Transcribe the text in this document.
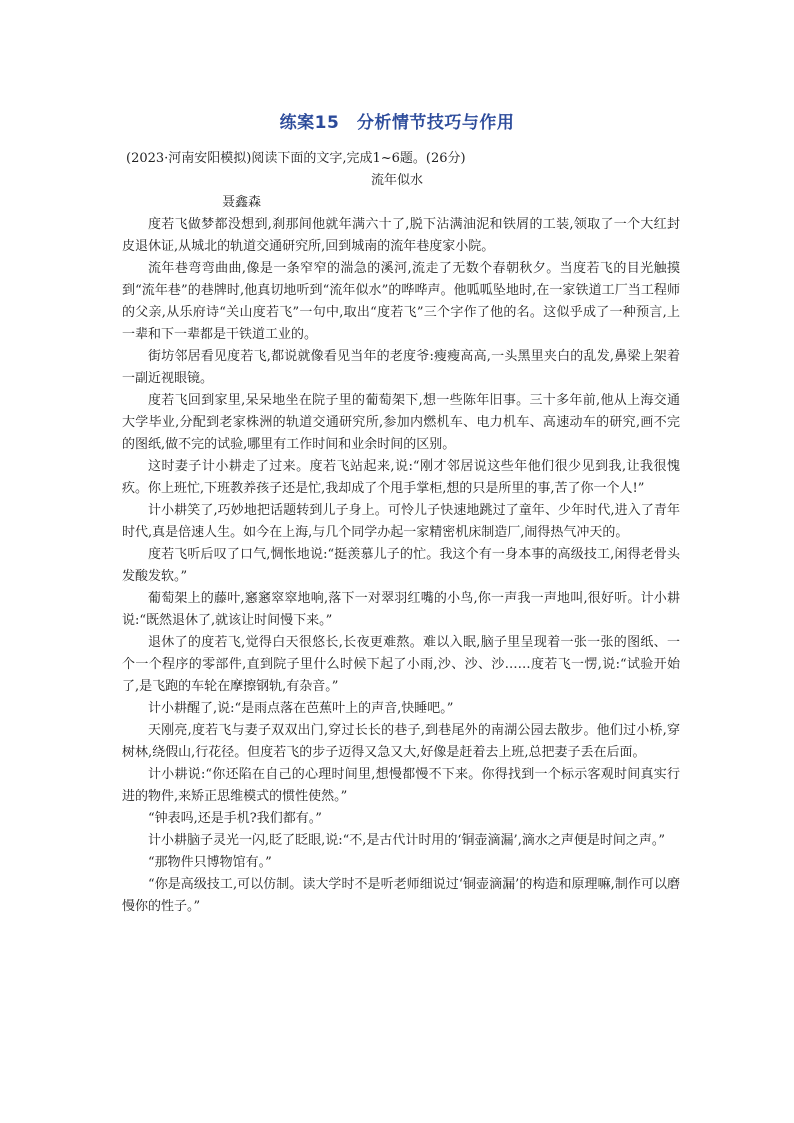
练案15　分析情节技巧与作用
(2023·河南安阳模拟)阅读下面的文字,完成1~6题。(26分)
流年似水
聂鑫森

度若飞做梦都没想到,刹那间他就年满六十了,脱下沾满油泥和铁屑的工装,领取了一个大红封皮退休证,从城北的轨道交通研究所,回到城南的流年巷度家小院。

流年巷弯弯曲曲,像是一条窄窄的湍急的溪河,流走了无数个春朝秋夕。当度若飞的目光触摸到“流年巷”的巷牌时,他真切地听到“流年似水”的哗哗声。他呱呱坠地时,在一家铁道工厂当工程师的父亲,从乐府诗“关山度若飞”一句中,取出“度若飞”三个字作了他的名。这似乎成了一种预言,上一辈和下一辈都是干铁道工业的。

街坊邻居看见度若飞,都说就像看见当年的老度爷:瘦瘦高高,一头黑里夹白的乱发,鼻梁上架着一副近视眼镜。

度若飞回到家里,呆呆地坐在院子里的葡萄架下,想一些陈年旧事。三十多年前,他从上海交通大学毕业,分配到老家株洲的轨道交通研究所,参加内燃机车、电力机车、高速动车的研究,画不完的图纸,做不完的试验,哪里有工作时间和业余时间的区别。

这时妻子计小耕走了过来。度若飞站起来,说:“刚才邻居说这些年他们很少见到我,让我很愧疚。你上班忙,下班教养孩子还是忙,我却成了个甩手掌柜,想的只是所里的事,苦了你一个人!”

计小耕笑了,巧妙地把话题转到儿子身上。可怜儿子快速地跳过了童年、少年时代,进入了青年时代,真是倍速人生。如今在上海,与几个同学办起一家精密机床制造厂,闹得热气冲天的。

度若飞听后叹了口气,惆怅地说:“挺羡慕儿子的忙。我这个有一身本事的高级技工,闲得老骨头发酸发软。”

葡萄架上的藤叶,窸窸窣窣地响,落下一对翠羽红嘴的小鸟,你一声我一声地叫,很好听。计小耕说:“既然退休了,就该让时间慢下来。”

退休了的度若飞,觉得白天很悠长,长夜更难熬。难以入眠,脑子里呈现着一张一张的图纸、一个一个程序的零部件,直到院子里什么时候下起了小雨,沙、沙、沙……度若飞一愣,说:“试验开始了,是飞跑的车轮在摩擦钢轨,有杂音。”

计小耕醒了,说:“是雨点落在芭蕉叶上的声音,快睡吧。”

天刚亮,度若飞与妻子双双出门,穿过长长的巷子,到巷尾外的南湖公园去散步。他们过小桥,穿树林,绕假山,行花径。但度若飞的步子迈得又急又大,好像是赶着去上班,总把妻子丢在后面。

计小耕说:“你还陷在自己的心理时间里,想慢都慢不下来。你得找到一个标示客观时间真实行进的物件,来矫正思维模式的惯性使然。”

“钟表吗,还是手机?我们都有。”

计小耕脑子灵光一闪,眨了眨眼,说:“不,是古代计时用的‘铜壶滴漏’,滴水之声便是时间之声。”

“那物件只博物馆有。”

“你是高级技工,可以仿制。读大学时不是听老师细说过‘铜壶滴漏’的构造和原理嘛,制作可以磨慢你的性子。”
